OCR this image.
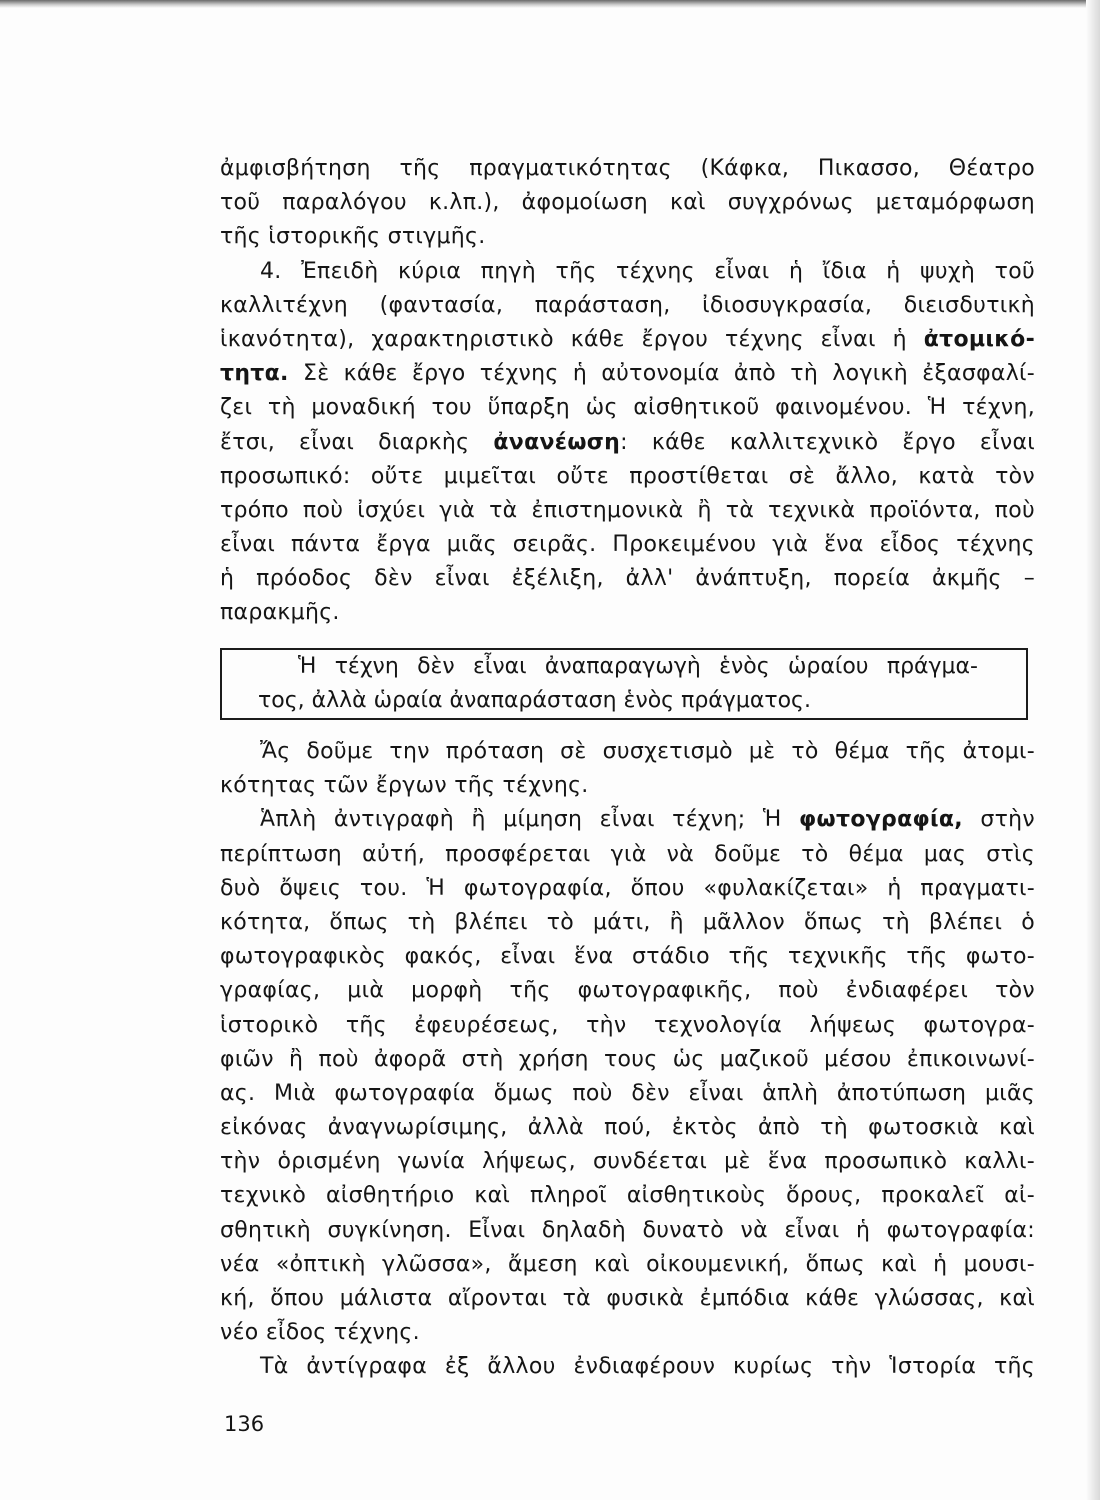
ἀμφισβήτηση τῆς πραγματικότητας (Κάφκα, Πικασσο, Θέατρο
τοῦ παραλόγου κ.λπ.), ἀφομοίωση καὶ συγχρόνως μεταμόρφωση
τῆς ἱστορικῆς στιγμῆς.
4. Ἐπειδὴ κύρια πηγὴ τῆς τέχνης εἶναι ἡ ἴδια ἡ ψυχὴ τοῦ
καλλιτέχνη (φαντασία, παράσταση, ἰδιοσυγκρασία, διεισδυτικὴ
ἱκανότητα), χαρακτηριστικὸ κάθε ἔργου τέχνης εἶναι ἡ ἀτομικό-
τητα. Σὲ κάθε ἔργο τέχνης ἡ αὐτονομία ἀπὸ τὴ λογικὴ ἐξασφαλί-
ζει τὴ μοναδική του ὕπαρξη ὡς αἰσθητικοῦ φαινομένου. Ἡ τέχνη,
ἔτσι, εἶναι διαρκὴς ἀνανέωση: κάθε καλλιτεχνικὸ ἔργο εἶναι
προσωπικό: οὔτε μιμεῖται οὔτε προστίθεται σὲ ἄλλο, κατὰ τὸν
τρόπο ποὺ ἰσχύει γιὰ τὰ ἐπιστημονικὰ ἢ τὰ τεχνικὰ προϊόντα, ποὺ
εἶναι πάντα ἔργα μιᾶς σειρᾶς. Προκειμένου γιὰ ἕνα εἶδος τέχνης
ἡ πρόοδος δὲν εἶναι ἐξέλιξη, ἀλλ' ἀνάπτυξη, πορεία ἀκμῆς –
παρακμῆς.
Ἡ τέχνη δὲν εἶναι ἀναπαραγωγὴ ἑνὸς ὡραίου πράγμα-
τος, ἀλλὰ ὡραία ἀναπαράσταση ἑνὸς πράγματος.
Ἄς δοῦμε την πρόταση σὲ συσχετισμὸ μὲ τὸ θέμα τῆς ἀτομι-
κότητας τῶν ἔργων τῆς τέχνης.
Ἁπλὴ ἀντιγραφὴ ἢ μίμηση εἶναι τέχνη; Ἡ φωτογραφία, στὴν
περίπτωση αὐτή, προσφέρεται γιὰ νὰ δοῦμε τὸ θέμα μας στὶς
δυὸ ὄψεις του. Ἡ φωτογραφία, ὅπου «φυλακίζεται» ἡ πραγματι-
κότητα, ὅπως τὴ βλέπει τὸ μάτι, ἢ μᾶλλον ὅπως τὴ βλέπει ὁ
φωτογραφικὸς φακός, εἶναι ἕνα στάδιο τῆς τεχνικῆς τῆς φωτο-
γραφίας, μιὰ μορφὴ τῆς φωτογραφικῆς, ποὺ ἐνδιαφέρει τὸν
ἱστορικὸ τῆς ἐφευρέσεως, τὴν τεχνολογία λήψεως φωτογρα-
φιῶν ἢ ποὺ ἀφορᾶ στὴ χρήση τους ὡς μαζικοῦ μέσου ἐπικοινωνί-
ας. Μιὰ φωτογραφία ὅμως ποὺ δὲν εἶναι ἁπλὴ ἀποτύπωση μιᾶς
εἰκόνας ἀναγνωρίσιμης, ἀλλὰ πού, ἐκτὸς ἀπὸ τὴ φωτοσκιὰ καὶ
τὴν ὁρισμένη γωνία λήψεως, συνδέεται μὲ ἕνα προσωπικὸ καλλι-
τεχνικὸ αἰσθητήριο καὶ πληροῖ αἰσθητικοὺς ὅρους, προκαλεῖ αἰ-
σθητικὴ συγκίνηση. Εἶναι δηλαδὴ δυνατὸ νὰ εἶναι ἡ φωτογραφία:
νέα «ὀπτικὴ γλῶσσα», ἄμεση καὶ οἰκουμενική, ὅπως καὶ ἡ μουσι-
κή, ὅπου μάλιστα αἴρονται τὰ φυσικὰ ἐμπόδια κάθε γλώσσας, καὶ
νέο εἶδος τέχνης.
Τὰ ἀντίγραφα ἐξ ἄλλου ἐνδιαφέρουν κυρίως τὴν Ἱστορία τῆς
136
